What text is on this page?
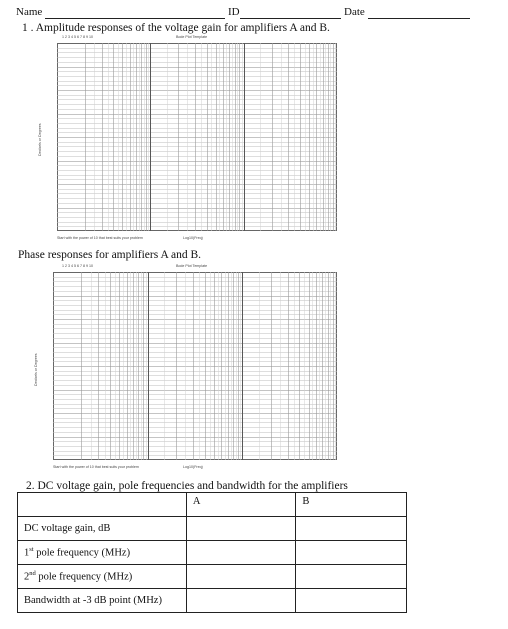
Name	ID	Date
1 . Amplitude responses of the voltage gain for amplifiers A and B.
1 2 3 4 5 6 7 8 9 10	Bode Plot Template
Decibels or Degrees
Start with the power of 10 that best suits your problem	Log10(Freq)
Phase responses for amplifiers A and B.
1 2 3 4 5 6 7 8 9 10	Bode Plot Template
Decibels or Degrees
Start with the power of 10 that best suits your problem	Log10(Freq)
2. DC voltage gain, pole frequencies and bandwidth for the amplifiers
	A	B
DC voltage gain, dB		
1st pole frequency (MHz)		
2nd pole frequency (MHz)		
Bandwidth at -3 dB point (MHz)		
